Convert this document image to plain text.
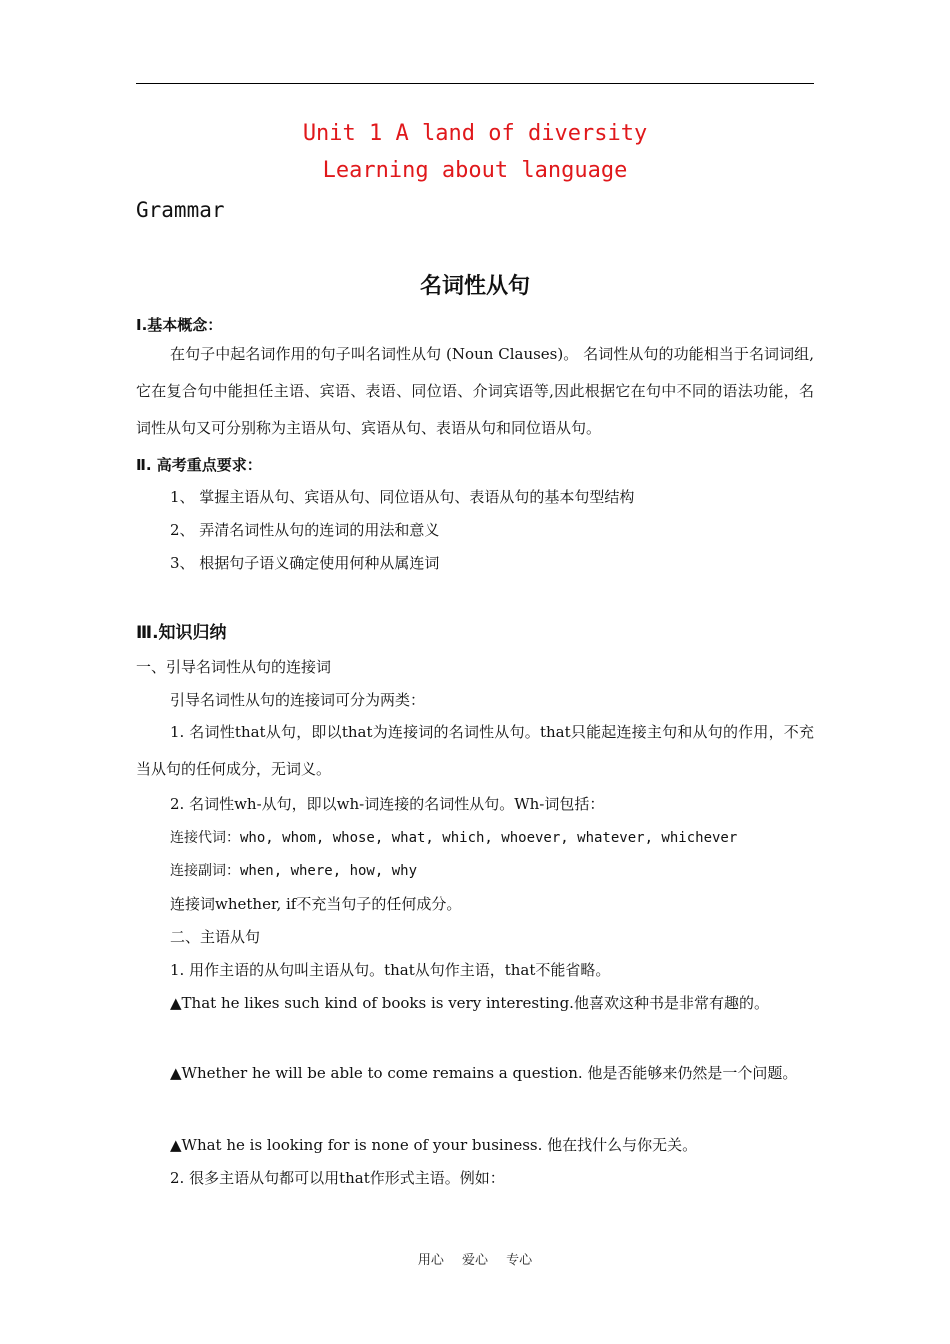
Unit 1 A land of diversity
Learning about language
Grammar
名词性从句
Ⅰ.基本概念：
在句子中起名词作用的句子叫名词性从句 (Noun Clauses)。 名词性从句的功能相当于名词词组, 它在复合句中能担任主语、宾语、表语、同位语、介词宾语等,因此根据它在句中不同的语法功能，名词性从句又可分别称为主语从句、宾语从句、表语从句和同位语从句。
Ⅱ. 高考重点要求：
1、 掌握主语从句、宾语从句、同位语从句、表语从句的基本句型结构
2、 弄清名词性从句的连词的用法和意义
3、 根据句子语义确定使用何种从属连词
Ⅲ.知识归纳
一、引导名词性从句的连接词
引导名词性从句的连接词可分为两类：
1. 名词性that从句，即以that为连接词的名词性从句。that只能起连接主句和从句的作用，不充当从句的任何成分，无词义。
2. 名词性wh-从句，即以wh-词连接的名词性从句。Wh-词包括：
连接代词：who, whom, whose, what, which, whoever, whatever, whichever
连接副词：when, where, how, why
连接词whether, if不充当句子的任何成分。
二、主语从句
1. 用作主语的从句叫主语从句。that从句作主语，that不能省略。
▲That he likes such kind of books is very interesting.他喜欢这种书是非常有趣的。
▲Whether he will be able to come remains a question. 他是否能够来仍然是一个问题。
▲What he is looking for is none of your business. 他在找什么与你无关。
2. 很多主语从句都可以用that作形式主语。例如：
用心 爱心 专心
